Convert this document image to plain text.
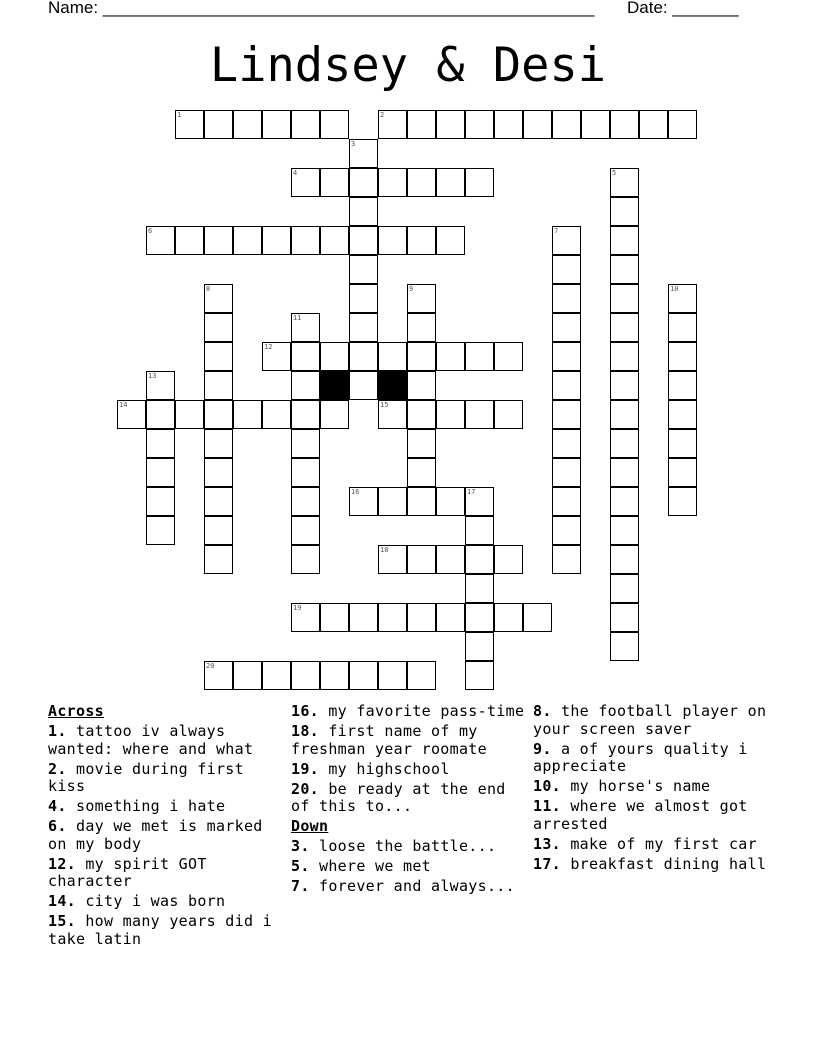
Name: ____________________________________________________ Date: _______
Lindsey & Desi
1	2
3
4	5
6	7
8	9	10
11
12
13
14	15
16	17
18
19
20
Across
1. tattoo iv always wanted: where and what
2. movie during first kiss
4. something i hate
6. day we met is marked on my body
12. my spirit GOT character
14. city i was born
15. how many years did i take latin
16. my favorite pass-time
18. first name of my freshman year roomate
19. my highschool
20. be ready at the end of this to...
Down
3. loose the battle...
5. where we met
7. forever and always...
8. the football player on your screen saver
9. a of yours quality i appreciate
10. my horse's name
11. where we almost got arrested
13. make of my first car
17. breakfast dining hall
